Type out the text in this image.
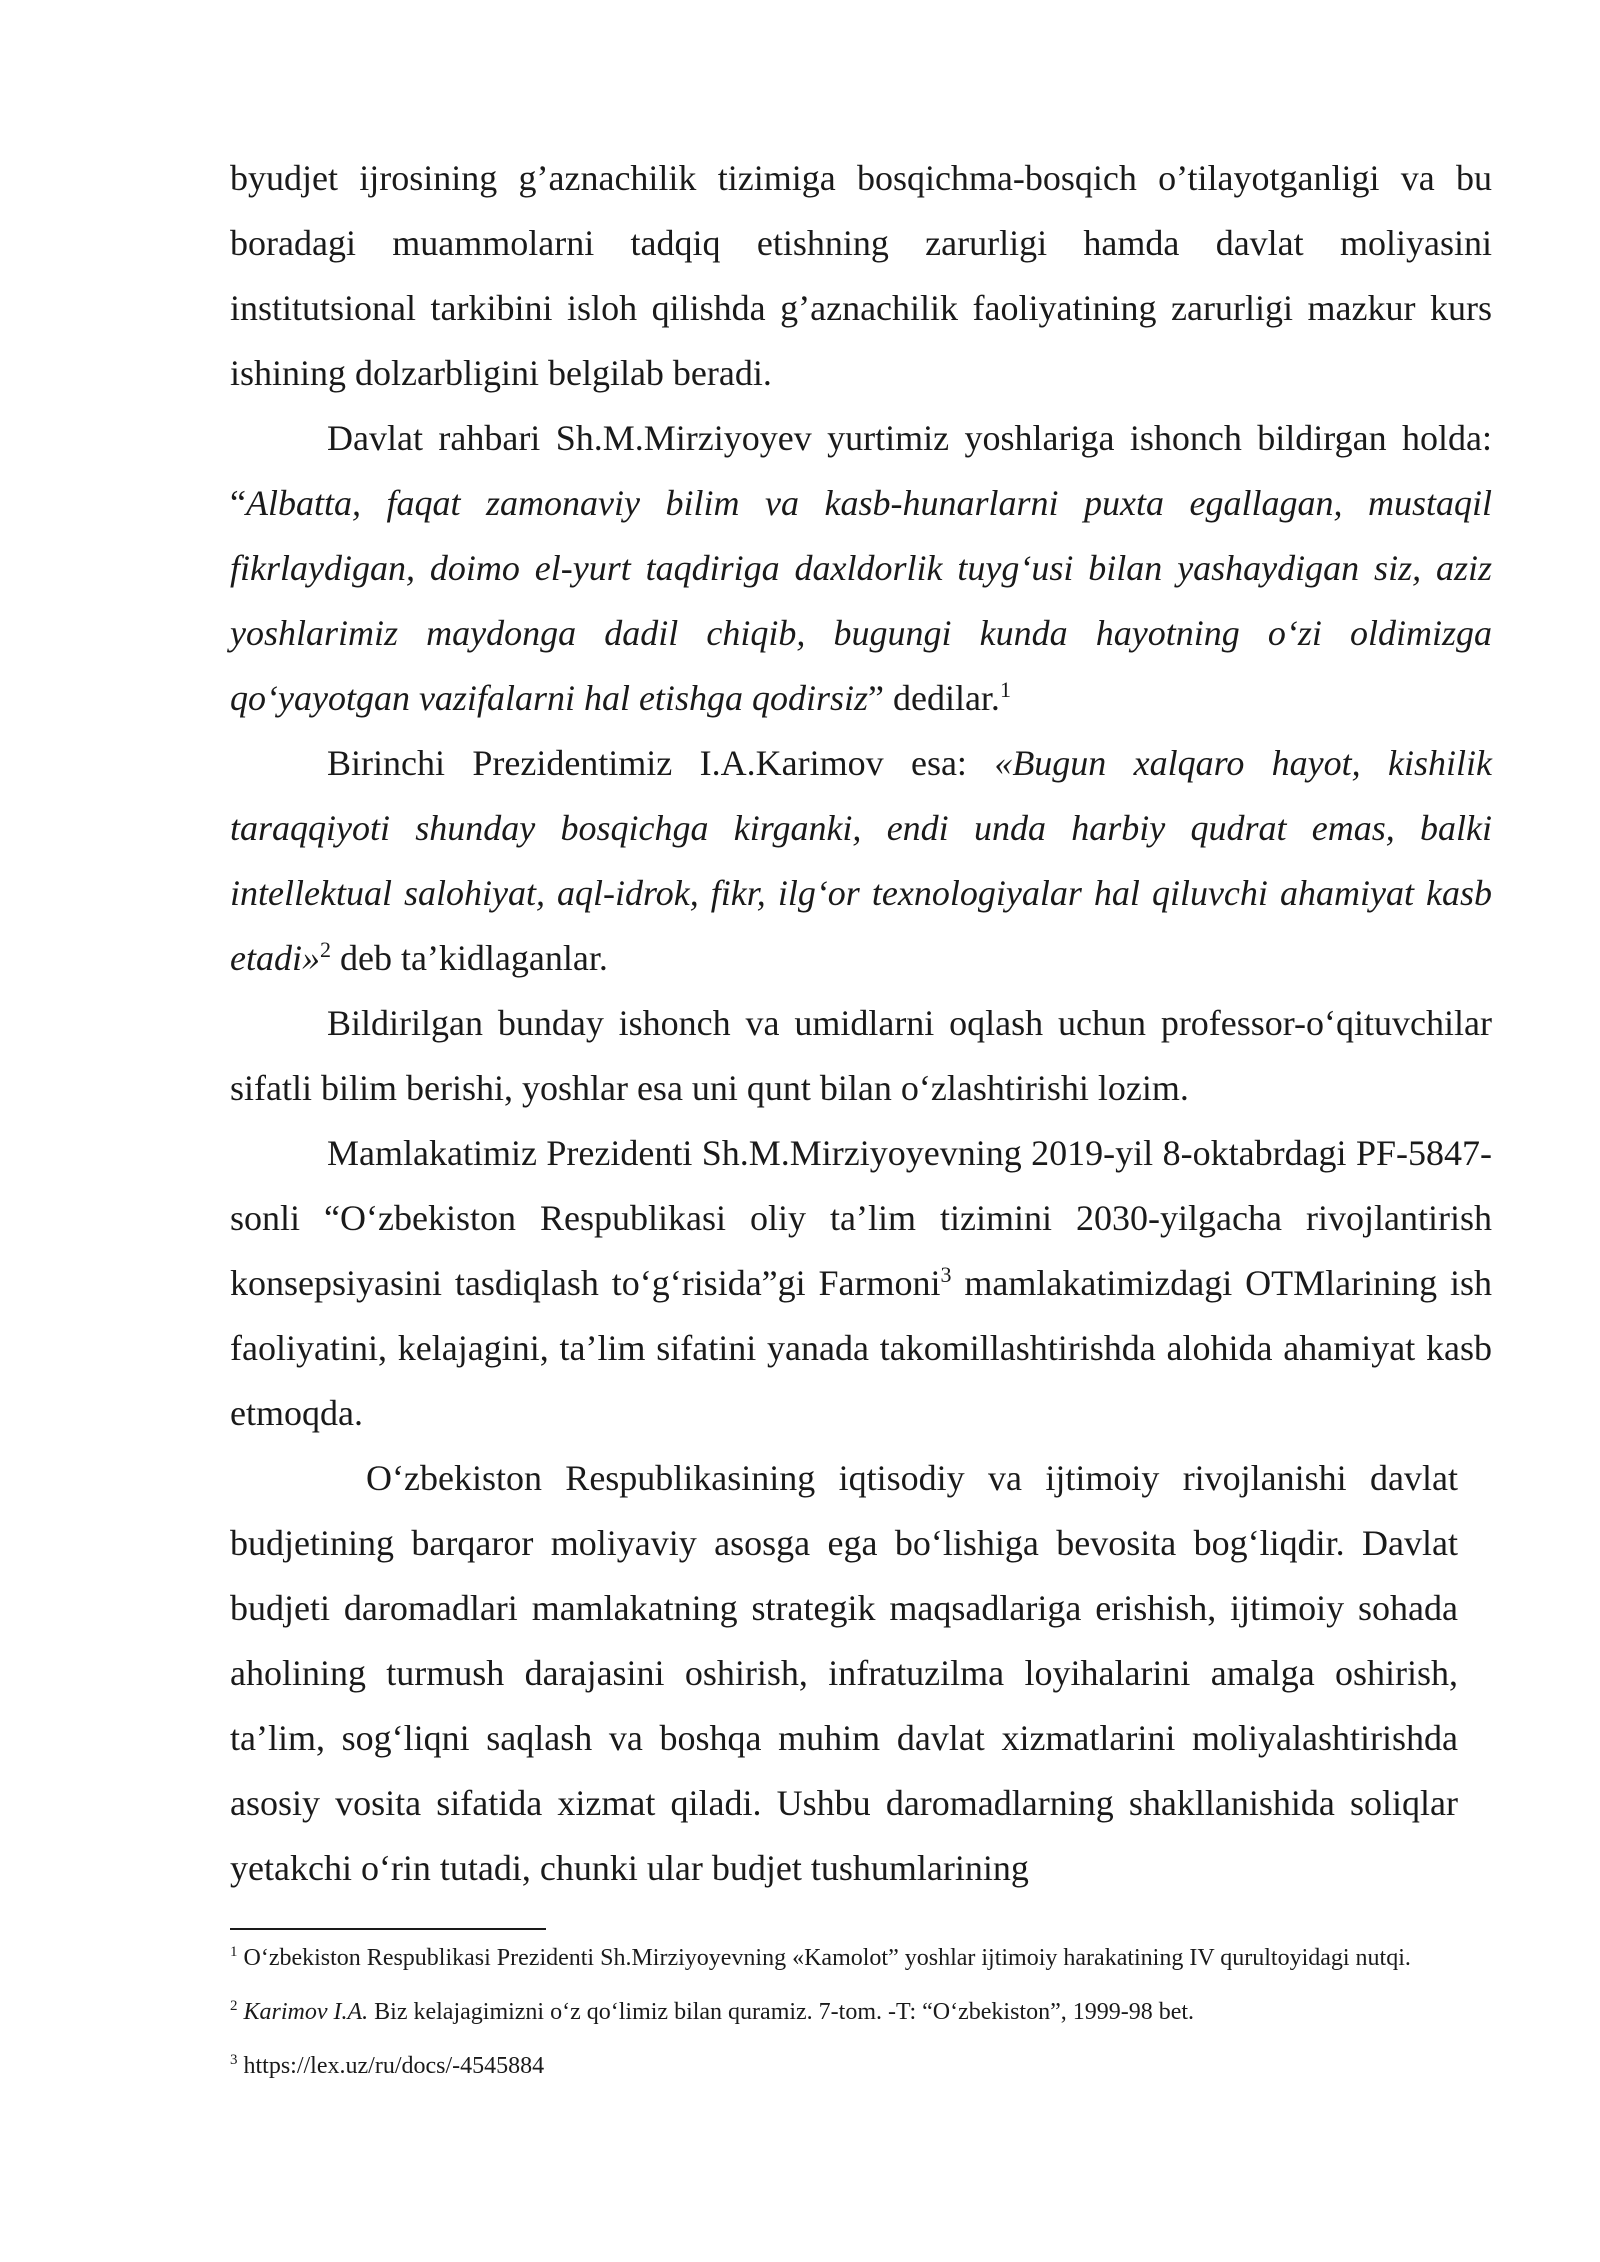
byudjet ijrosining g’aznachilik tizimiga bosqichma-bosqich o’tilayotganligi va bu boradagi muammolarni tadqiq etishning zarurligi hamda davlat moliyasini institutsional tarkibini isloh qilishda g’aznachilik faoliyatining zarurligi mazkur kurs ishining dolzarbligini belgilab beradi.

Davlat rahbari Sh.M.Mirziyoyev yurtimiz yoshlariga ishonch bildirgan holda: “Albatta, faqat zamonaviy bilim va kasb-hunarlarni puxta egallagan, mustaqil fikrlaydigan, doimo el-yurt taqdiriga daxldorlik tuyg‘usi bilan yashaydigan siz, aziz yoshlarimiz maydonga dadil chiqib, bugungi kunda hayotning o‘zi oldimizga qo‘yayotgan vazifalarni hal etishga qodirsiz” dedilar.$^1$

Birinchi Prezidentimiz I.A.Karimov esa: «Bugun xalqaro hayot, kishilik taraqqiyoti shunday bosqichga kirganki, endi unda harbiy qudrat emas, balki intellektual salohiyat, aql-idrok, fikr, ilg‘or texnologiyalar hal qiluvchi ahamiyat kasb etadi»$^2$ deb ta’kidlaganlar.

Bildirilgan bunday ishonch va umidlarni oqlash uchun professor-o‘qituvchilar sifatli bilim berishi, yoshlar esa uni qunt bilan o‘zlashtirishi lozim.

Mamlakatimiz Prezidenti Sh.M.Mirziyoyevning 2019-yil 8-oktabrdagi PF-5847-sonli “O‘zbekiston Respublikasi oliy ta’lim tizimini 2030-yilgacha rivojlantirish konsepsiyasini tasdiqlash to‘g‘risida”gi Farmoni$^3$ mamlakatimizdagi OTMlarining ish faoliyatini, kelajagini, ta’lim sifatini yanada takomillashtirishda alohida ahamiyat kasb etmoqda.

O‘zbekiston Respublikasining iqtisodiy va ijtimoiy rivojlanishi davlat budjetining barqaror moliyaviy asosga ega bo‘lishiga bevosita bog‘liqdir. Davlat budjeti daromadlari mamlakatning strategik maqsadlariga erishish, ijtimoiy sohada aholining turmush darajasini oshirish, infratuzilma loyihalarini amalga oshirish, ta’lim, sog‘liqni saqlash va boshqa muhim davlat xizmatlarini moliyalashtirishda asosiy vosita sifatida xizmat qiladi. Ushbu daromadlarning shakllanishida soliqlar yetakchi o‘rin tutadi, chunki ular budjet tushumlarining

$^1$ O‘zbekiston Respublikasi Prezidenti Sh.Mirziyoyevning «Kamolot” yoshlar ijtimoiy harakatining IV qurultoyidagi nutqi.

$^2$ Karimov I.A. Biz kelajagimizni o‘z qo‘limiz bilan quramiz. 7-tom. -T: “O‘zbekiston”, 1999-98 bet.

$^3$ https://lex.uz/ru/docs/-4545884
